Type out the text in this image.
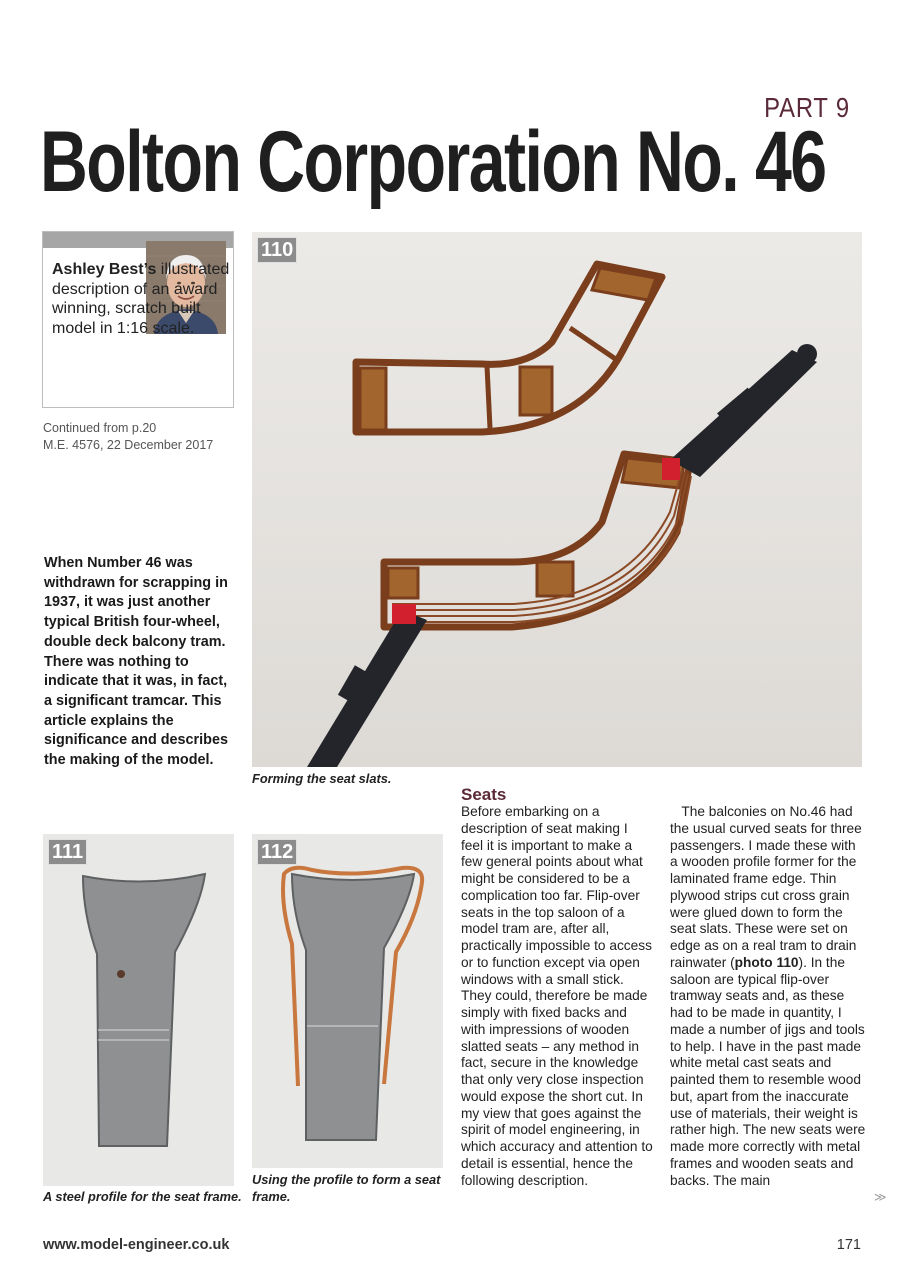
PART 9
Bolton Corporation No. 46
Ashley Best’s illustrated description of an award winning, scratch built model in 1:16 scale.
Continued from p.20
M.E. 4576, 22 December 2017

When Number 46 was withdrawn for scrapping in 1937, it was just another typical British four-wheel, double deck balcony tram. There was nothing to indicate that it was, in fact, a significant tramcar. This article explains the significance and describes the making of the model.

110
Forming the seat slats.
111
A steel profile for the seat frame.
112
Using the profile to form a seat frame.
Seats

Before embarking on a description of seat making I feel it is important to make a few general points about what might be considered to be a complication too far. Flip-over seats in the top saloon of a model tram are, after all, practically impossible to access or to function except via open windows with a small stick. They could, therefore be made simply with fixed backs and with impressions of wooden slatted seats – any method in fact, secure in the knowledge that only very close inspection would expose the short cut. In my view that goes against the spirit of model engineering, in which accuracy and attention to detail is essential, hence the following description.

The balconies on No.46 had the usual curved seats for three passengers. I made these with a wooden profile former for the laminated frame edge. Thin plywood strips cut cross grain were glued down to form the seat slats. These were set on edge as on a real tram to drain rainwater (photo 110). In the saloon are typical flip-over tramway seats and, as these had to be made in quantity, I made a number of jigs and tools to help. I have in the past made white metal cast seats and painted them to resemble wood but, apart from the inaccurate use of materials, their weight is rather high. The new seats were made more correctly with metal frames and wooden seats and backs. The main

≫
www.model-engineer.co.uk	171
